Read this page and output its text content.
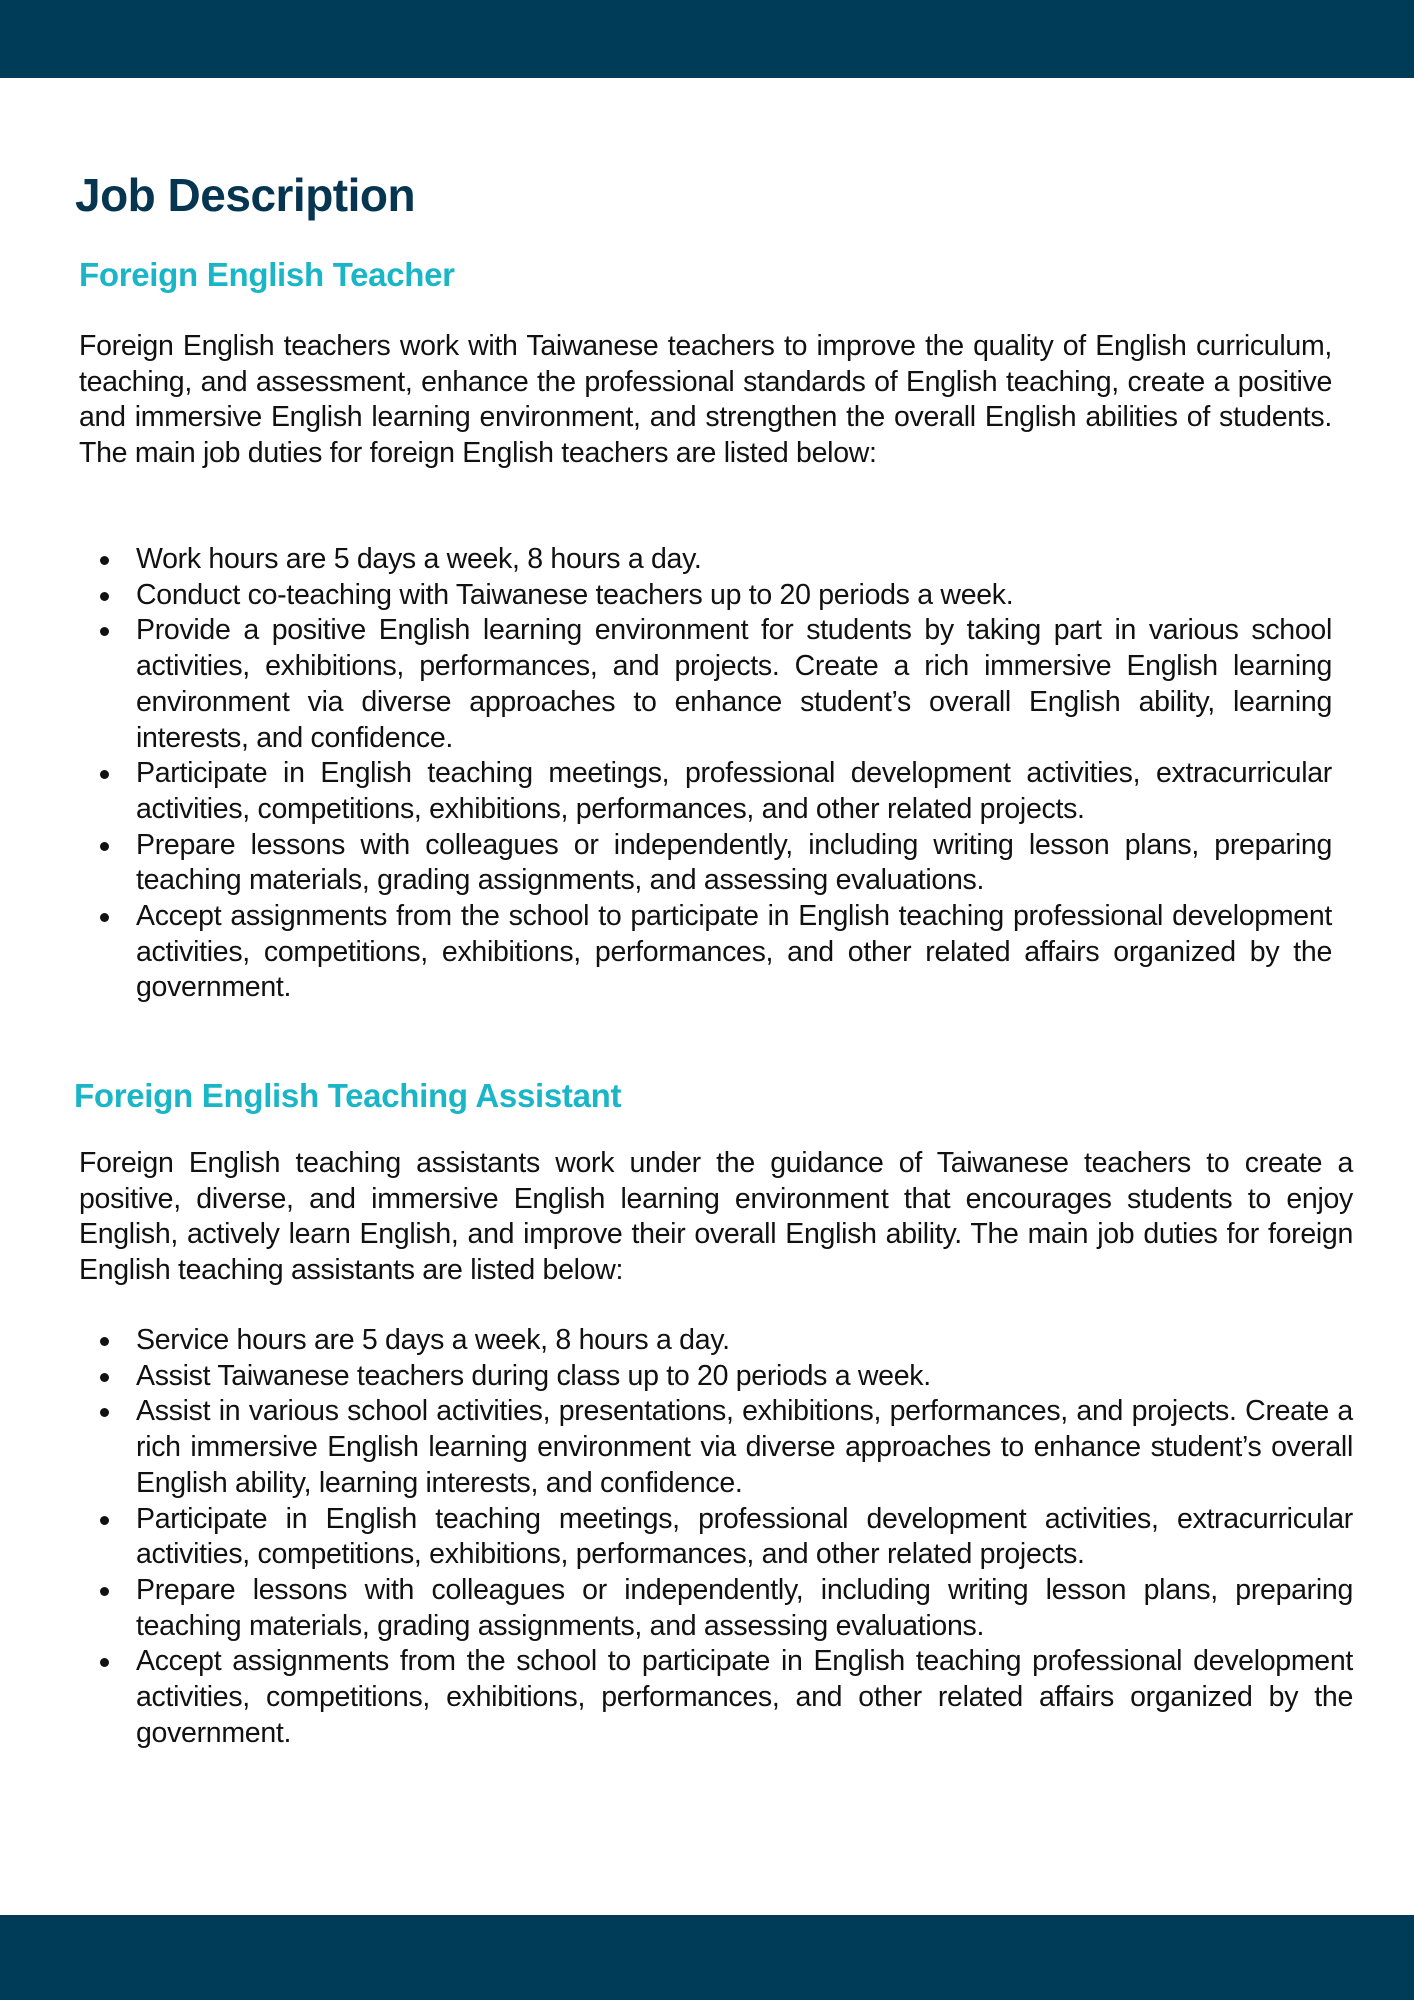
Job Description
Foreign English Teacher

Foreign English teachers work with Taiwanese teachers to improve the quality of English curriculum, teaching, and assessment, enhance the professional standards of English teaching, create a positive and immersive English learning environment, and strengthen the overall English abilities of students. The main job duties for foreign English teachers are listed below:

Work hours are 5 days a week, 8 hours a day.
Conduct co-teaching with Taiwanese teachers up to 20 periods a week.
Provide a positive English learning environment for students by taking part in various school activities, exhibitions, performances, and projects. Create a rich immersive English learning environment via diverse approaches to enhance student’s overall English ability, learning interests, and confidence.
Participate in English teaching meetings, professional development activities, extracurricular activities, competitions, exhibitions, performances, and other related projects.
Prepare lessons with colleagues or independently, including writing lesson plans, preparing teaching materials, grading assignments, and assessing evaluations.
Accept assignments from the school to participate in English teaching professional development activities, competitions, exhibitions, performances, and other related affairs organized by the government.
Foreign English Teaching Assistant

Foreign English teaching assistants work under the guidance of Taiwanese teachers to create a positive, diverse, and immersive English learning environment that encourages students to enjoy English, actively learn English, and improve their overall English ability. The main job duties for foreign English teaching assistants are listed below:

Service hours are 5 days a week, 8 hours a day.
Assist Taiwanese teachers during class up to 20 periods a week.
Assist in various school activities, presentations, exhibitions, performances, and projects. Create a rich immersive English learning environment via diverse approaches to enhance student’s overall English ability, learning interests, and confidence.
Participate in English teaching meetings, professional development activities, extracurricular activities, competitions, exhibitions, performances, and other related projects.
Prepare lessons with colleagues or independently, including writing lesson plans, preparing teaching materials, grading assignments, and assessing evaluations.
Accept assignments from the school to participate in English teaching professional development activities, competitions, exhibitions, performances, and other related affairs organized by the government.
